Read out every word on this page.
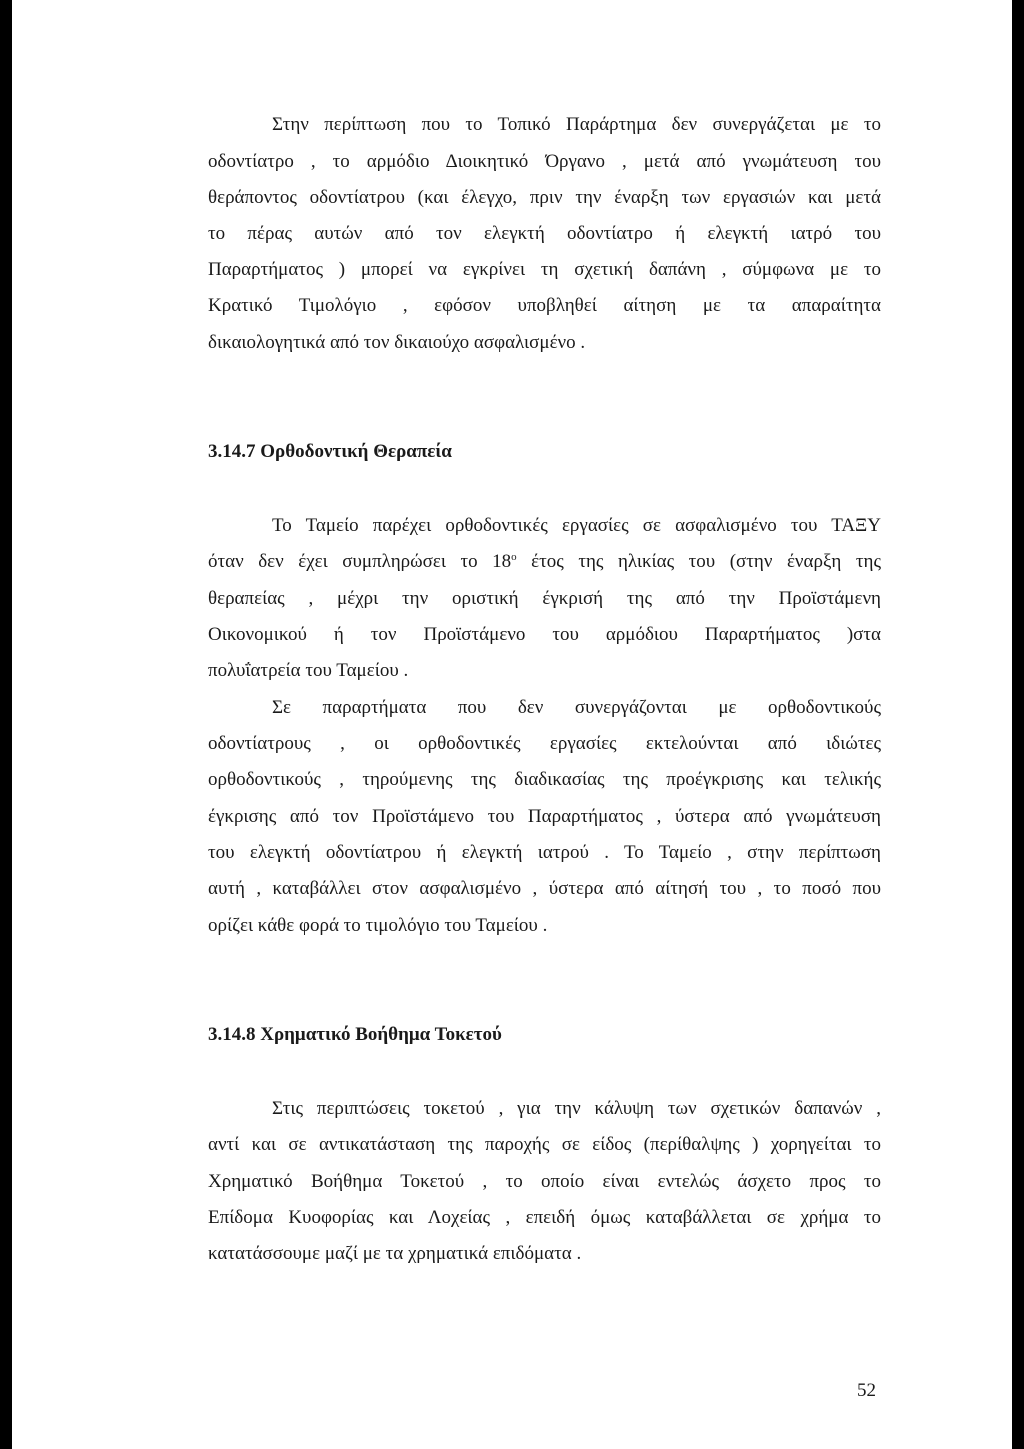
Στην περίπτωση που το Τοπικό Παράρτημα δεν συνεργάζεται με το

οδοντίατρο , το αρμόδιο Διοικητικό Όργανο , μετά από γνωμάτευση του

θεράποντος οδοντίατρου (και έλεγχο, πριν την έναρξη των εργασιών και μετά

το πέρας αυτών από τον ελεγκτή οδοντίατρο ή ελεγκτή ιατρό του

Παραρτήματος ) μπορεί να εγκρίνει τη σχετική δαπάνη , σύμφωνα με το

Κρατικό Τιμολόγιο , εφόσον υποβληθεί αίτηση με τα απαραίτητα

δικαιολογητικά από τον δικαιούχο ασφαλισμένο .

3.14.7 Ορθοδοντική Θεραπεία

Το Ταμείο παρέχει ορθοδοντικές εργασίες σε ασφαλισμένο του ΤΑΞΥ

όταν δεν έχει συμπληρώσει το $18^o$ έτος της ηλικίας του (στην έναρξη της

θεραπείας , μέχρι την οριστική έγκρισή της από την Προϊστάμενη

Οικονομικού ή τον Προϊστάμενο του αρμόδιου Παραρτήματος )στα

πολυΐατρεία του Ταμείου .

Σε παραρτήματα που δεν συνεργάζονται με ορθοδοντικούς

οδοντίατρους , οι ορθοδοντικές εργασίες εκτελούνται από ιδιώτες

ορθοδοντικούς , τηρούμενης της διαδικασίας της προέγκρισης και τελικής

έγκρισης από τον Προϊστάμενο του Παραρτήματος , ύστερα από γνωμάτευση

του ελεγκτή οδοντίατρου ή ελεγκτή ιατρού . Το Ταμείο , στην περίπτωση

αυτή , καταβάλλει στον ασφαλισμένο , ύστερα από αίτησή του , το ποσό που

ορίζει κάθε φορά το τιμολόγιο του Ταμείου .

3.14.8 Χρηματικό Βοήθημα Τοκετού

Στις περιπτώσεις τοκετού , για την κάλυψη των σχετικών δαπανών ,

αντί και σε αντικατάσταση της παροχής σε είδος (περίθαλψης ) χορηγείται το

Χρηματικό Βοήθημα Τοκετού , το οποίο είναι εντελώς άσχετο προς το

Επίδομα Κυοφορίας και Λοχείας , επειδή όμως καταβάλλεται σε χρήμα το

κατατάσσουμε μαζί με τα χρηματικά επιδόματα .

52
